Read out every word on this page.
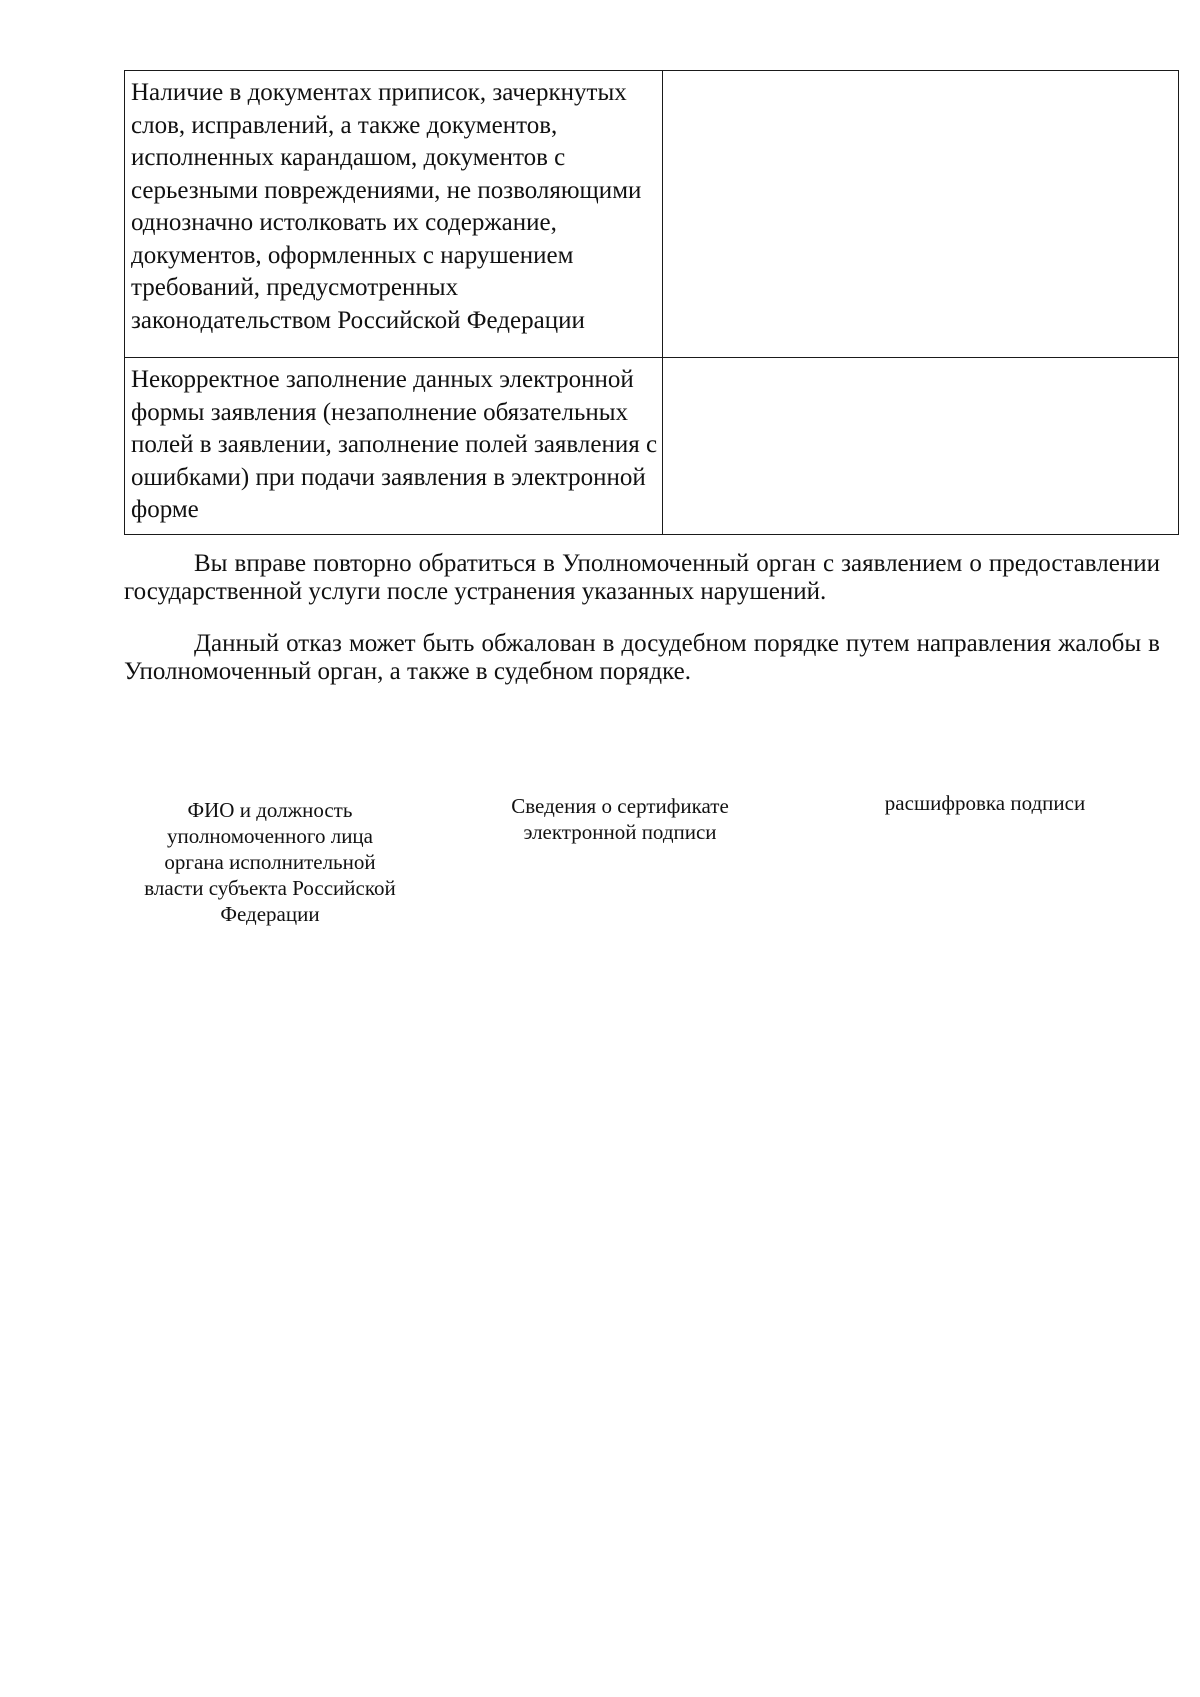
Наличие в документах приписок, зачеркнутых слов, исправлений, а также документов, исполненных карандашом, документов с серьезными повреждениями, не позволяющими однозначно истолковать их содержание, документов, оформленных с нарушением требований, предусмотренных законодательством Российской Федерации	
Некорректное заполнение данных электронной формы заявления (незаполнение обязательных полей в заявлении, заполнение полей заявления с ошибками) при подачи заявления в электронной форме	

Вы вправе повторно обратиться в Уполномоченный орган с заявлением о предоставлении государственной услуги после устранения указанных нарушений.

Данный отказ может быть обжалован в досудебном порядке путем направления жалобы в Уполномоченный орган, а также в судебном порядке.

ФИО и должность
уполномоченного лица
органа исполнительной
власти субъекта Российской
Федерации
Сведения о сертификате
электронной подписи
расшифровка подписи
